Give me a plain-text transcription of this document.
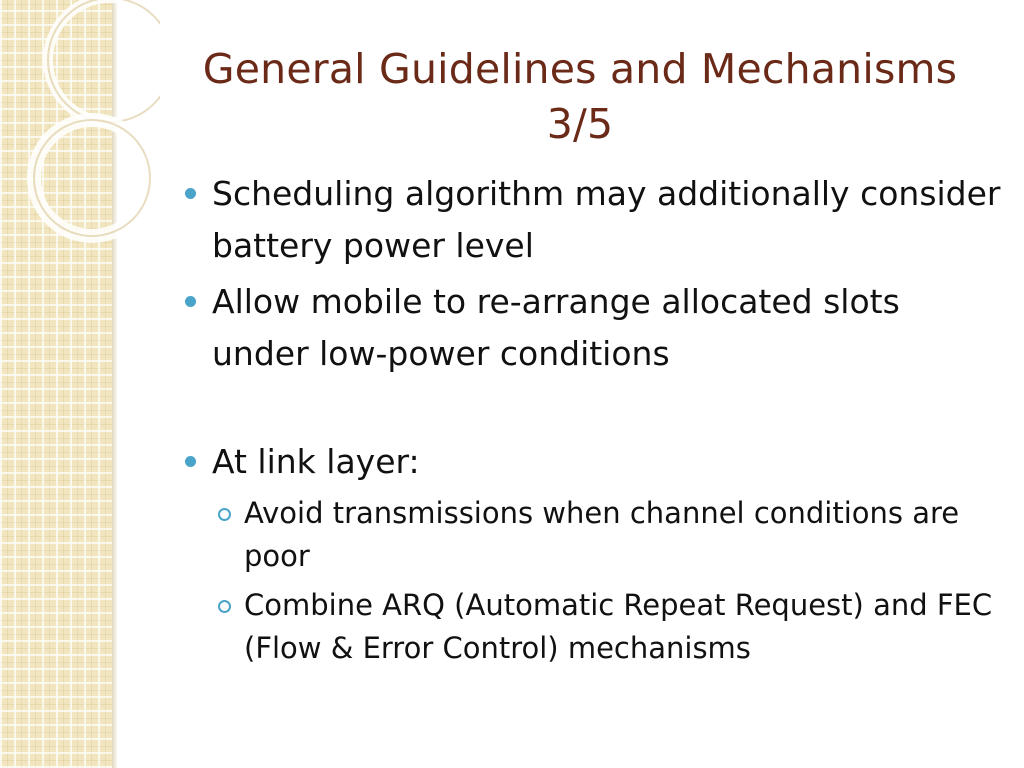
General Guidelines and Mechanisms
3/5
Scheduling algorithm may additionally consider battery power level
Allow mobile to re-arrange allocated slots under low-power conditions
At link layer:
Avoid transmissions when channel conditions are poor
Combine ARQ (Automatic Repeat Request) and FEC (Flow & Error Control) mechanisms
